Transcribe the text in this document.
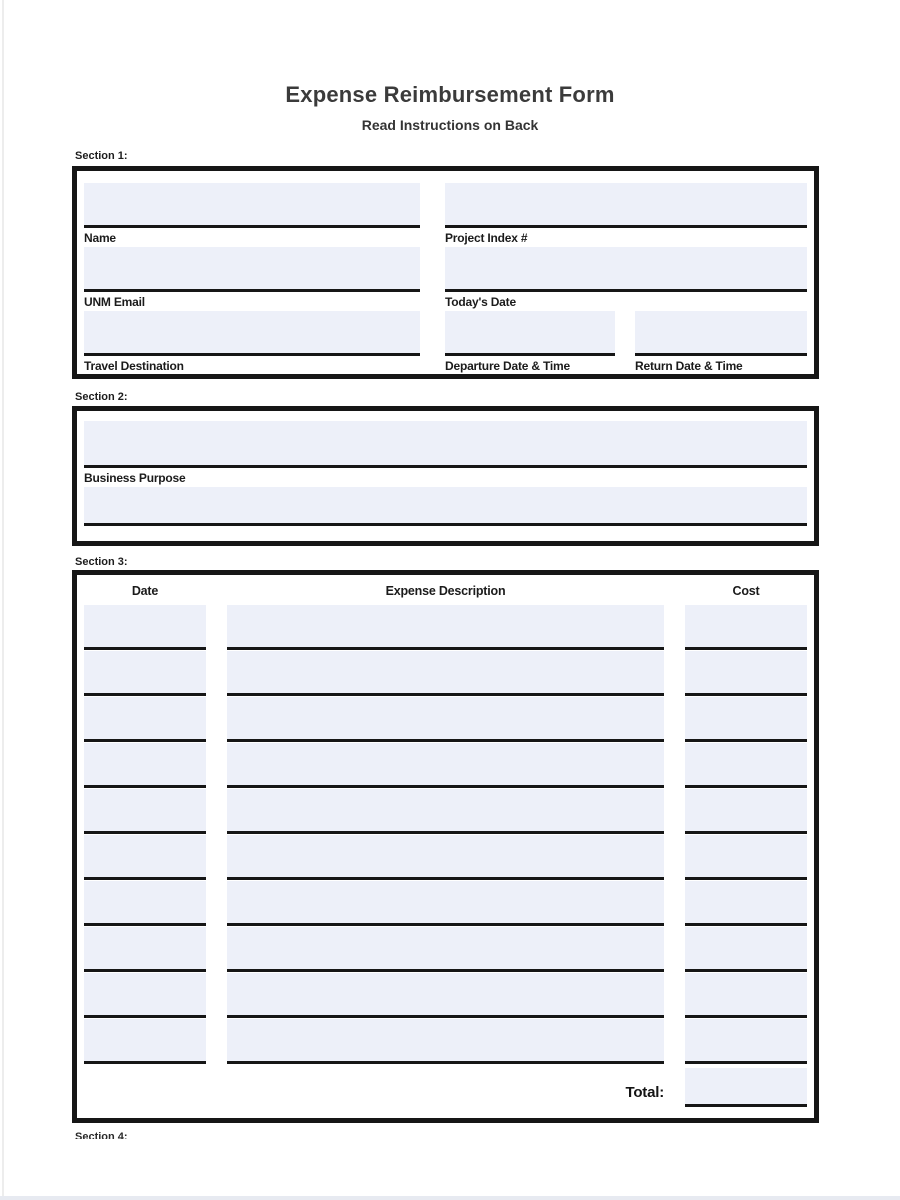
Expense Reimbursement Form
Read Instructions on Back
Section 1:
Name	Project Index #
UNM Email	Today's Date
Travel Destination	Departure Date & Time	Return Date & Time
Section 2:
Business Purpose
Section 3:
Date	Expense Description	Cost
Total:
Section 4:
